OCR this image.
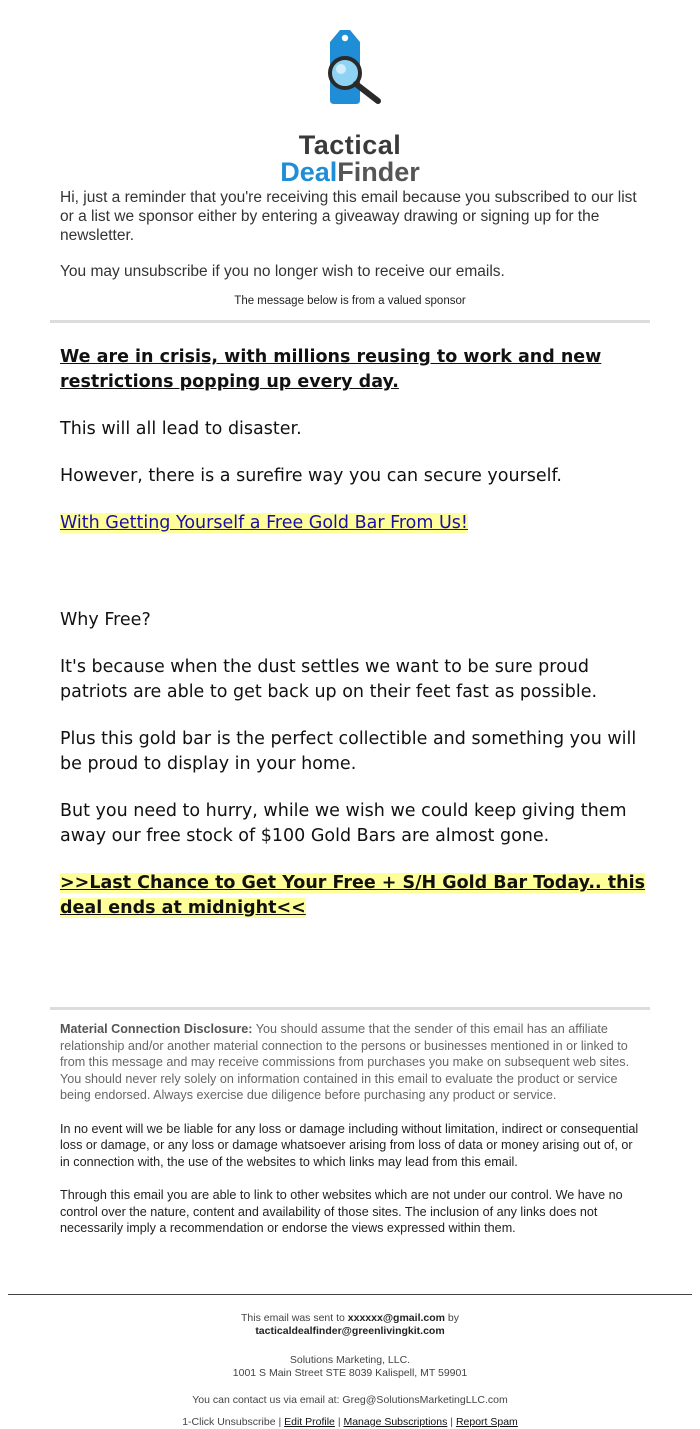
Tactical
DealFinder

Hi, just a reminder that you're receiving this email because you subscribed to our list or a list we sponsor either by entering a giveaway drawing or signing up for the newsletter.

You may unsubscribe if you no longer wish to receive our emails.

The message below is from a valued sponsor

We are in crisis, with millions reusing to work and new restrictions popping up every day.

This will all lead to disaster.

However, there is a surefire way you can secure yourself.

With Getting Yourself a Free Gold Bar From Us!

Why Free?

It's because when the dust settles we want to be sure proud patriots are able to get back up on their feet fast as possible.

Plus this gold bar is the perfect collectible and something you will be proud to display in your home.

But you need to hurry, while we wish we could keep giving them away our free stock of $100 Gold Bars are almost gone.

>>Last Chance to Get Your Free + S/H Gold Bar Today.. this deal ends at midnight<<

Material Connection Disclosure: You should assume that the sender of this email has an affiliate relationship and/or another material connection to the persons or businesses mentioned in or linked to from this message and may receive commissions from purchases you make on subsequent web sites. You should never rely solely on information contained in this email to evaluate the product or service being endorsed. Always exercise due diligence before purchasing any product or service.

In no event will we be liable for any loss or damage including without limitation, indirect or consequential loss or damage, or any loss or damage whatsoever arising from loss of data or money arising out of, or in connection with, the use of the websites to which links may lead from this email.

Through this email you are able to link to other websites which are not under our control. We have no control over the nature, content and availability of those sites. The inclusion of any links does not necessarily imply a recommendation or endorse the views expressed within them.

This email was sent to xxxxxx@gmail.com by

tacticaldealfinder@greenlivingkit.com

Solutions Marketing, LLC.

1001 S Main Street STE 8039 Kalispell, MT 59901

You can contact us via email at: Greg@SolutionsMarketingLLC.com

1-Click Unsubscribe | Edit Profile | Manage Subscriptions | Report Spam
